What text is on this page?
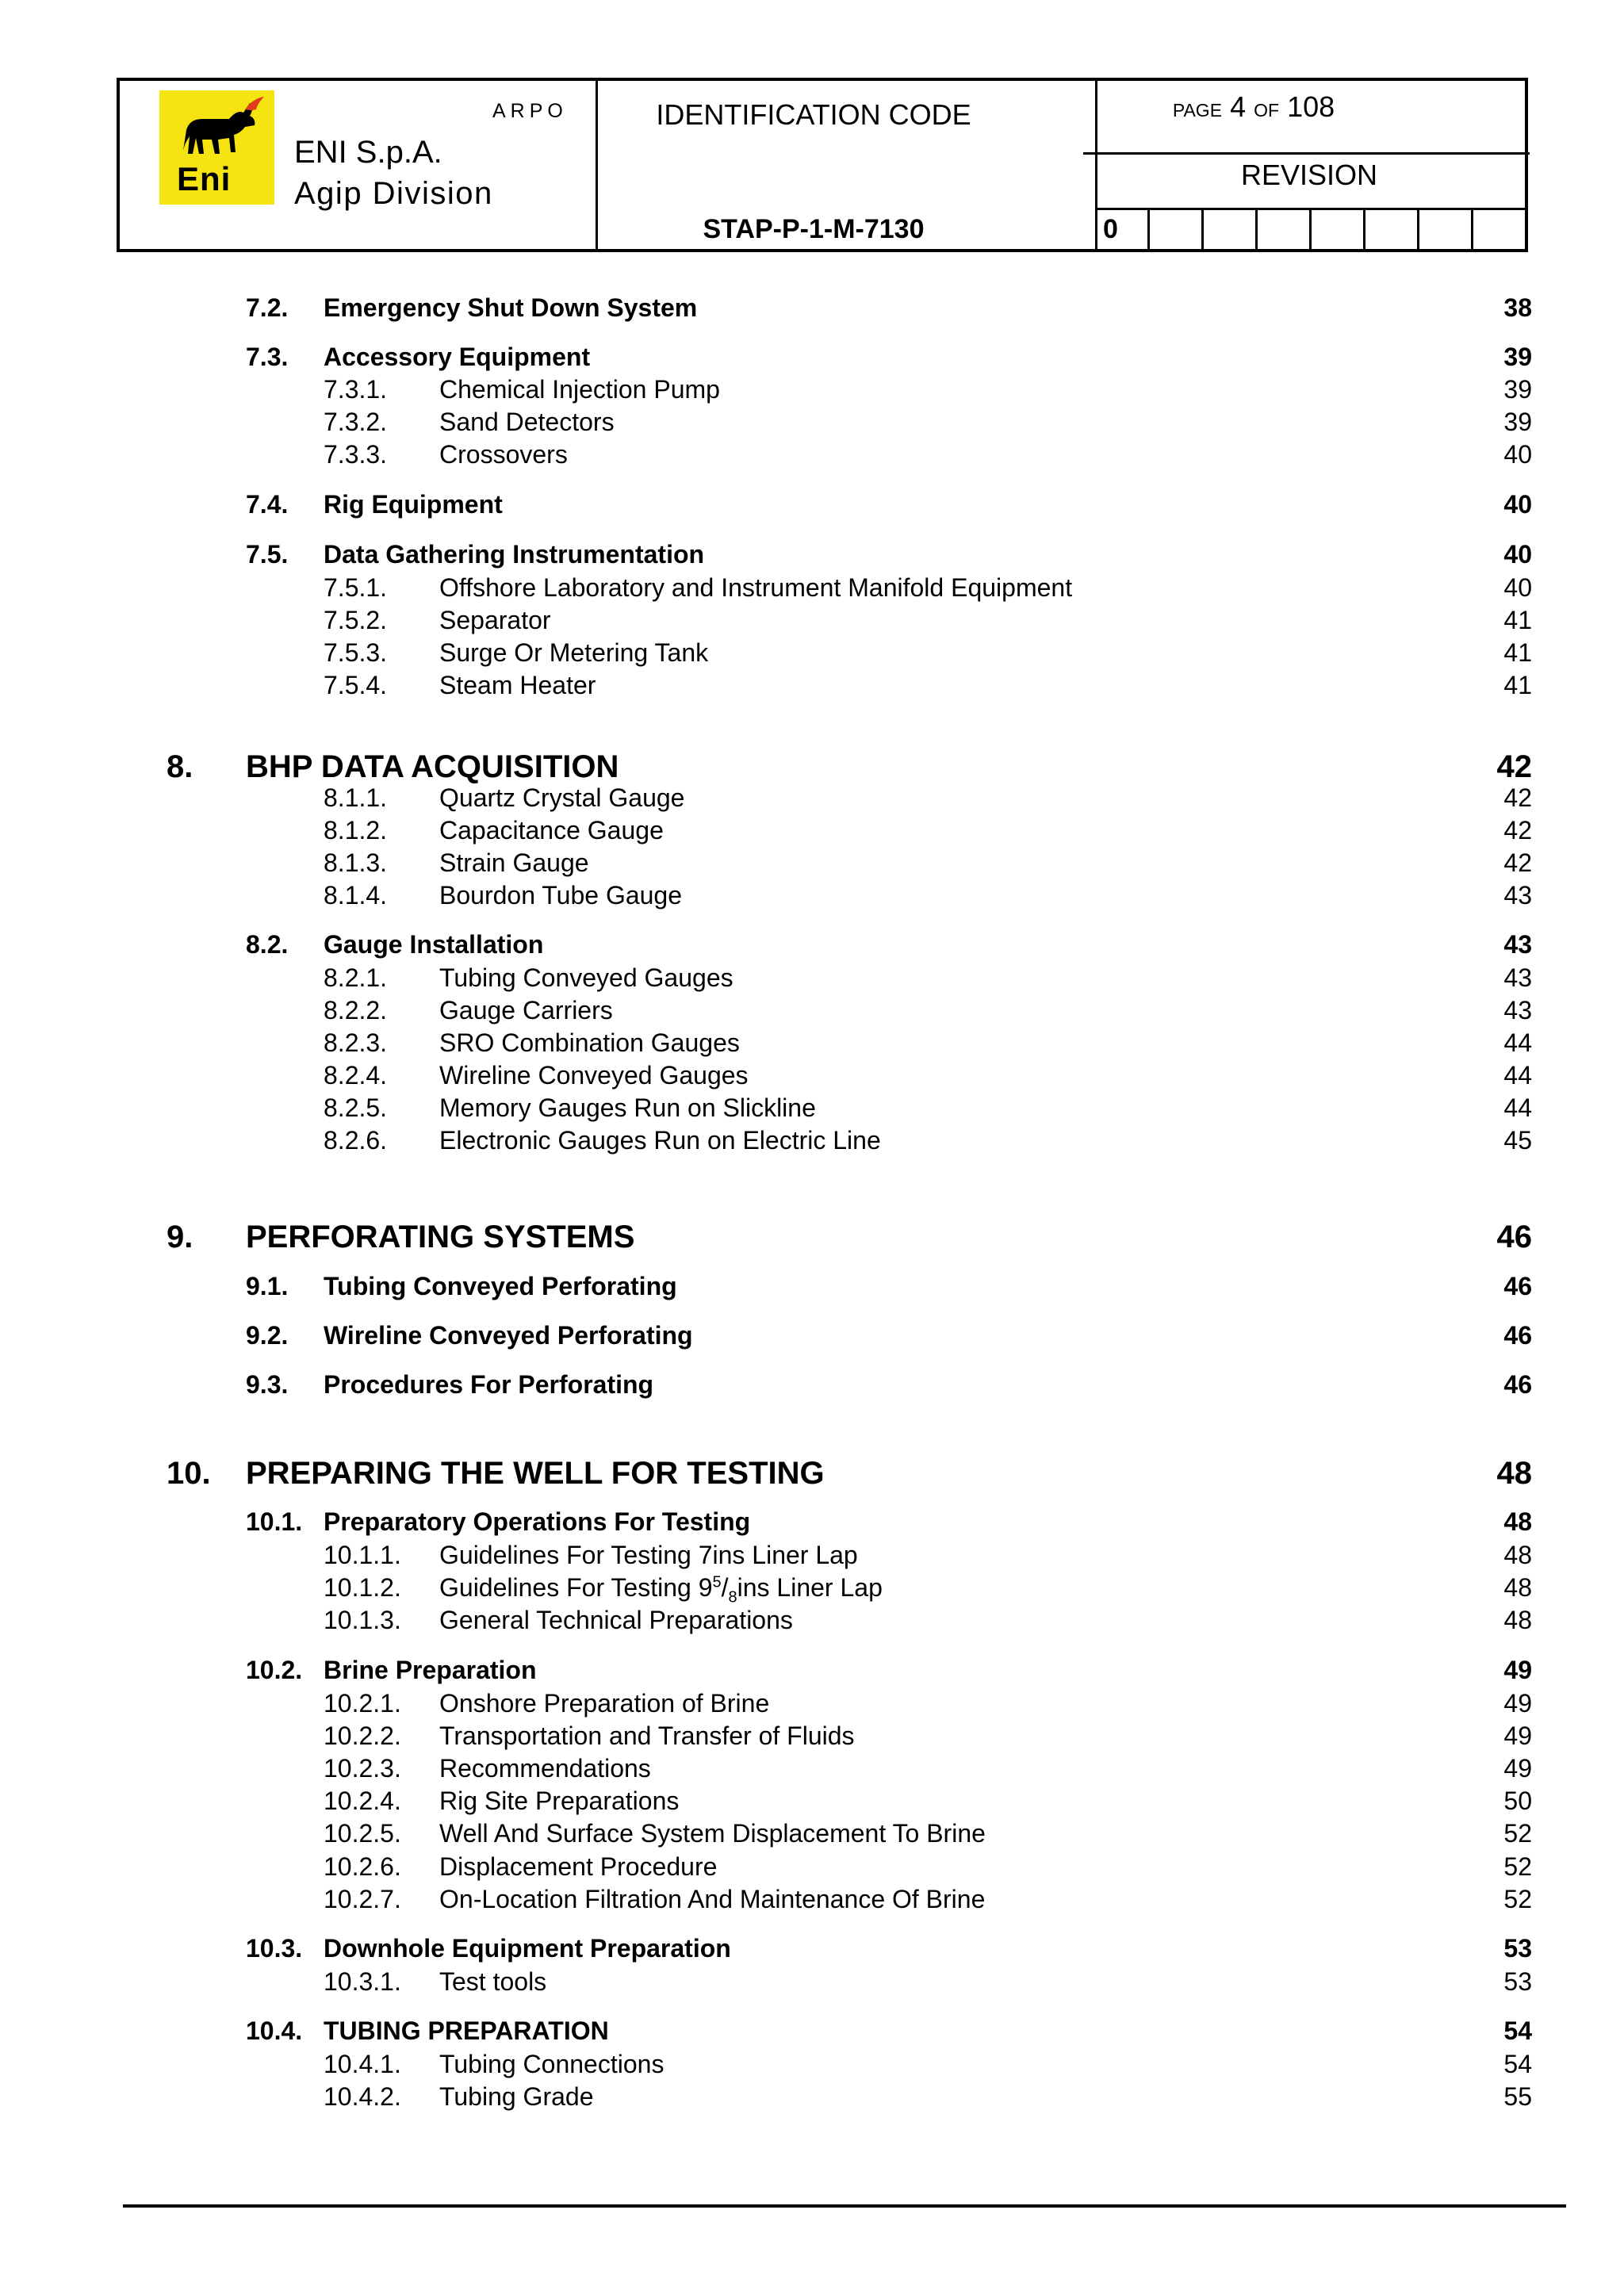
Eni
ARPO
ENI S.p.A.
Agip Division
IDENTIFICATION CODE
STAP-P-1-M-7130
PAGE 4 OF 108
REVISION
0
7.2. Emergency Shut Down System	38
7.3. Accessory Equipment	39
7.3.1. Chemical Injection Pump	39
7.3.2. Sand Detectors	39
7.3.3. Crossovers	40
7.4. Rig Equipment	40
7.5. Data Gathering Instrumentation	40
7.5.1. Offshore Laboratory and Instrument Manifold Equipment	40
7.5.2. Separator	41
7.5.3. Surge Or Metering Tank	41
7.5.4. Steam Heater	41
8. BHP DATA ACQUISITION	42
8.1.1. Quartz Crystal Gauge	42
8.1.2. Capacitance Gauge	42
8.1.3. Strain Gauge	42
8.1.4. Bourdon Tube Gauge	43
8.2. Gauge Installation	43
8.2.1. Tubing Conveyed Gauges	43
8.2.2. Gauge Carriers	43
8.2.3. SRO Combination Gauges	44
8.2.4. Wireline Conveyed Gauges	44
8.2.5. Memory Gauges Run on Slickline	44
8.2.6. Electronic Gauges Run on Electric Line	45
9. PERFORATING SYSTEMS	46
9.1. Tubing Conveyed Perforating	46
9.2. Wireline Conveyed Perforating	46
9.3. Procedures For Perforating	46
10. PREPARING THE WELL FOR TESTING	48
10.1. Preparatory Operations For Testing	48
10.1.1. Guidelines For Testing 7ins Liner Lap	48
10.1.2. Guidelines For Testing $9^5/_8ins$ Liner Lap	48
10.1.3. General Technical Preparations	48
10.2. Brine Preparation	49
10.2.1. Onshore Preparation of Brine	49
10.2.2. Transportation and Transfer of Fluids	49
10.2.3. Recommendations	49
10.2.4. Rig Site Preparations	50
10.2.5. Well And Surface System Displacement To Brine	52
10.2.6. Displacement Procedure	52
10.2.7. On-Location Filtration And Maintenance Of Brine	52
10.3. Downhole Equipment Preparation	53
10.3.1. Test tools	53
10.4. TUBING PREPARATION	54
10.4.1. Tubing Connections	54
10.4.2. Tubing Grade	55
